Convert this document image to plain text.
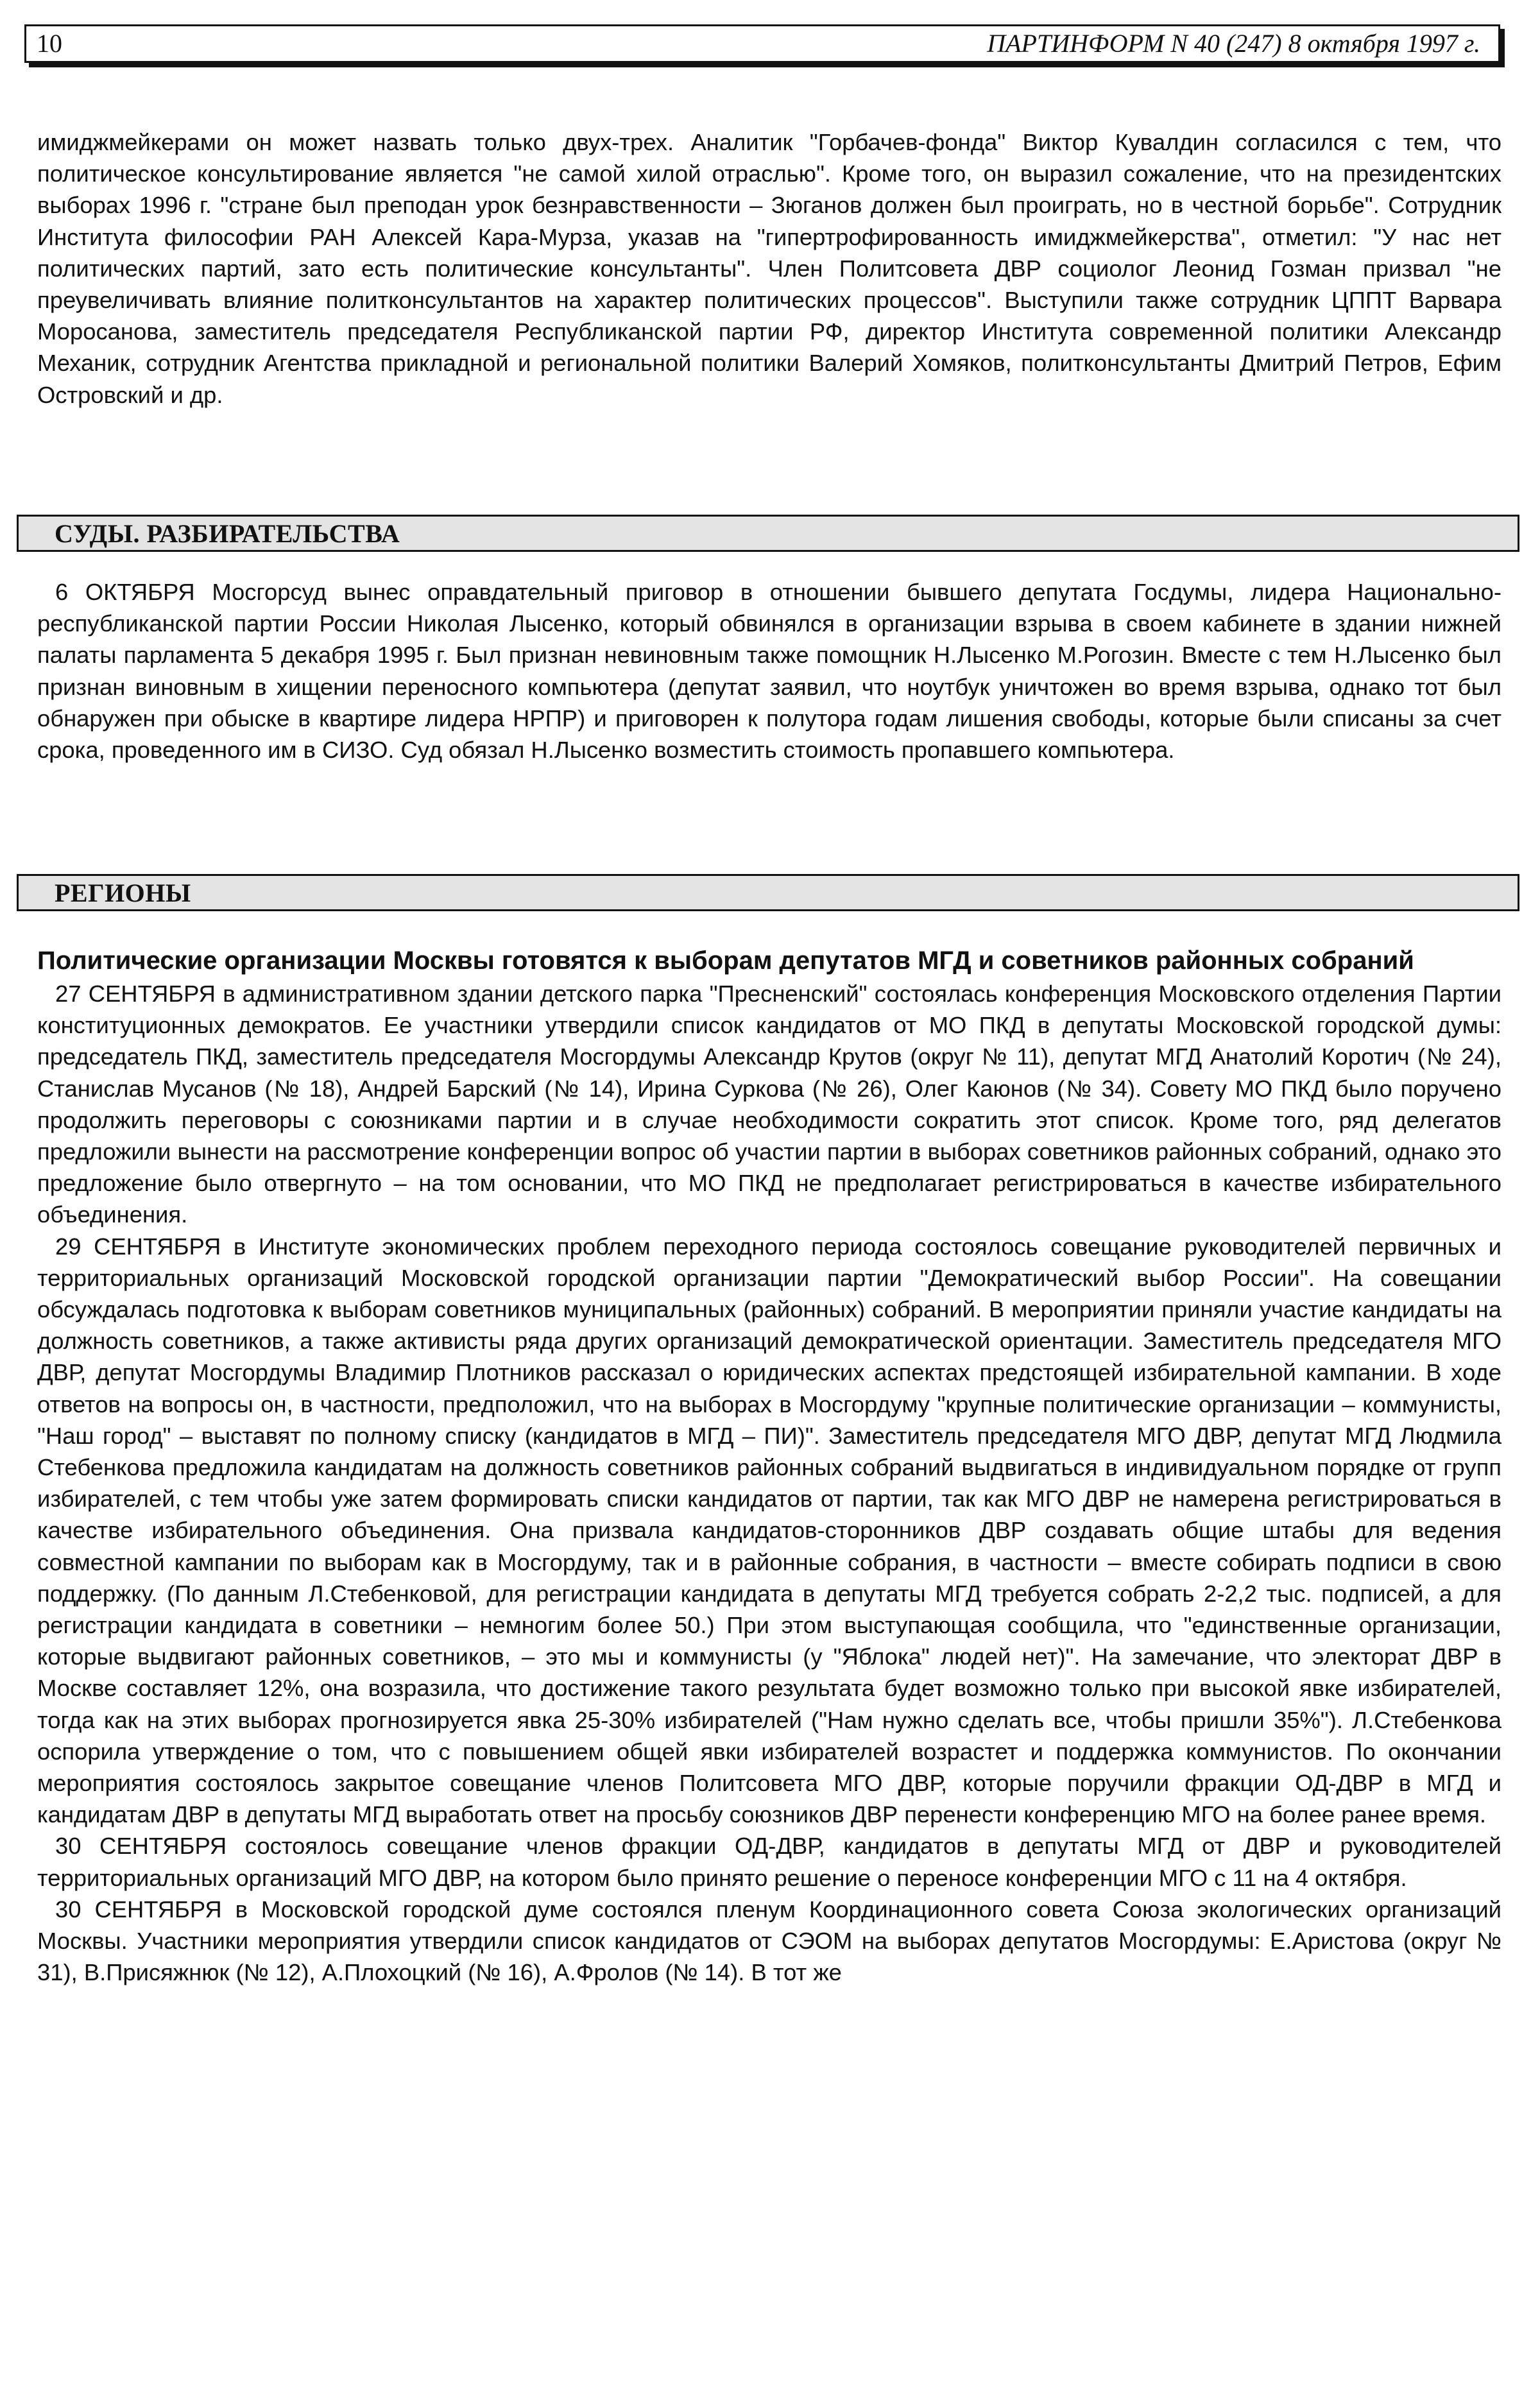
10	ПАРТИНФОРМ N 40 (247) 8 октября 1997 г.

имиджмейкерами он может назвать только двух-трех. Аналитик "Горбачев-фонда" Виктор Кувалдин согласился с тем, что политическое консультирование является "не самой хилой отраслью". Кроме того, он выразил сожаление, что на президентских выборах 1996 г. "стране был преподан урок безнравственности – Зюганов должен был проиграть, но в честной борьбе". Сотрудник Института философии РАН Алексей Кара-Мурза, указав на "гипертрофированность имиджмейкерства", отметил: "У нас нет политических партий, зато есть политические консультанты". Член Политсовета ДВР социолог Леонид Гозман призвал "не преувеличивать влияние политконсультантов на характер политических процессов". Выступили также сотрудник ЦППТ Варвара Моросанова, заместитель председателя Республиканской партии РФ, директор Института современной политики Александр Механик, сотрудник Агентства прикладной и региональной политики Валерий Хомяков, политконсультанты Дмитрий Петров, Ефим Островский и др.

СУДЫ. РАЗБИРАТЕЛЬСТВА

6 ОКТЯБРЯ Мосгорсуд вынес оправдательный приговор в отношении бывшего депутата Госдумы, лидера Национально-республиканской партии России Николая Лысенко, который обвинялся в организации взрыва в своем кабинете в здании нижней палаты парламента 5 декабря 1995 г. Был признан невиновным также помощник Н.Лысенко М.Рогозин. Вместе с тем Н.Лысенко был признан виновным в хищении переносного компьютера (депутат заявил, что ноутбук уничтожен во время взрыва, однако тот был обнаружен при обыске в квартире лидера НРПР) и приговорен к полутора годам лишения свободы, которые были списаны за счет срока, проведенного им в СИЗО. Суд обязал Н.Лысенко возместить стоимость пропавшего компьютера.

РЕГИОНЫ
Политические организации Москвы готовятся к выборам депутатов МГД и советников районных собраний

27 СЕНТЯБРЯ в административном здании детского парка "Пресненский" состоялась конференция Московского отделения Партии конституционных демократов. Ее участники утвердили список кандидатов от МО ПКД в депутаты Московской городской думы: председатель ПКД, заместитель председателя Мосгордумы Александр Крутов (округ № 11), депутат МГД Анатолий Коротич (№ 24), Станислав Мусанов (№ 18), Андрей Барский (№ 14), Ирина Суркова (№ 26), Олег Каюнов (№ 34). Совету МО ПКД было поручено продолжить переговоры с союзниками партии и в случае необходимости сократить этот список. Кроме того, ряд делегатов предложили вынести на рассмотрение конференции вопрос об участии партии в выборах советников районных собраний, однако это предложение было отвергнуто – на том основании, что МО ПКД не предполагает регистрироваться в качестве избирательного объединения.

29 СЕНТЯБРЯ в Институте экономических проблем переходного периода состоялось совещание руководителей первичных и территориальных организаций Московской городской организации партии "Демократический выбор России". На совещании обсуждалась подготовка к выборам советников муниципальных (районных) собраний. В мероприятии приняли участие кандидаты на должность советников, а также активисты ряда других организаций демократической ориентации. Заместитель председателя МГО ДВР, депутат Мосгордумы Владимир Плотников рассказал о юридических аспектах предстоящей избирательной кампании. В ходе ответов на вопросы он, в частности, предположил, что на выборах в Мосгордуму "крупные политические организации – коммунисты, "Наш город" – выставят по полному списку (кандидатов в МГД – ПИ)". Заместитель председателя МГО ДВР, депутат МГД Людмила Стебенкова предложила кандидатам на должность советников районных собраний выдвигаться в индивидуальном порядке от групп избирателей, с тем чтобы уже затем формировать списки кандидатов от партии, так как МГО ДВР не намерена регистрироваться в качестве избирательного объединения. Она призвала кандидатов-сторонников ДВР создавать общие штабы для ведения совместной кампании по выборам как в Мосгордуму, так и в районные собрания, в частности – вместе собирать подписи в свою поддержку. (По данным Л.Стебенковой, для регистрации кандидата в депутаты МГД требуется собрать 2-2,2 тыс. подписей, а для регистрации кандидата в советники – немногим более 50.) При этом выступающая сообщила, что "единственные организации, которые выдвигают районных советников, – это мы и коммунисты (у "Яблока" людей нет)". На замечание, что электорат ДВР в Москве составляет 12%, она возразила, что достижение такого результата будет возможно только при высокой явке избирателей, тогда как на этих выборах прогнозируется явка 25-30% избирателей ("Нам нужно сделать все, чтобы пришли 35%"). Л.Стебенкова оспорила утверждение о том, что с повышением общей явки избирателей возрастет и поддержка коммунистов. По окончании мероприятия состоялось закрытое совещание членов Политсовета МГО ДВР, которые поручили фракции ОД-ДВР в МГД и кандидатам ДВР в депутаты МГД выработать ответ на просьбу союзников ДВР перенести конференцию МГО на более ранее время.

30 СЕНТЯБРЯ состоялось совещание членов фракции ОД-ДВР, кандидатов в депутаты МГД от ДВР и руководителей территориальных организаций МГО ДВР, на котором было принято решение о переносе конференции МГО с 11 на 4 октября.

30 СЕНТЯБРЯ в Московской городской думе состоялся пленум Координационного совета Союза экологических организаций Москвы. Участники мероприятия утвердили список кандидатов от СЭОМ на выборах депутатов Мосгордумы: Е.Аристова (округ № 31), В.Присяжнюк (№ 12), А.Плохоцкий (№ 16), А.Фролов (№ 14). В тот же
